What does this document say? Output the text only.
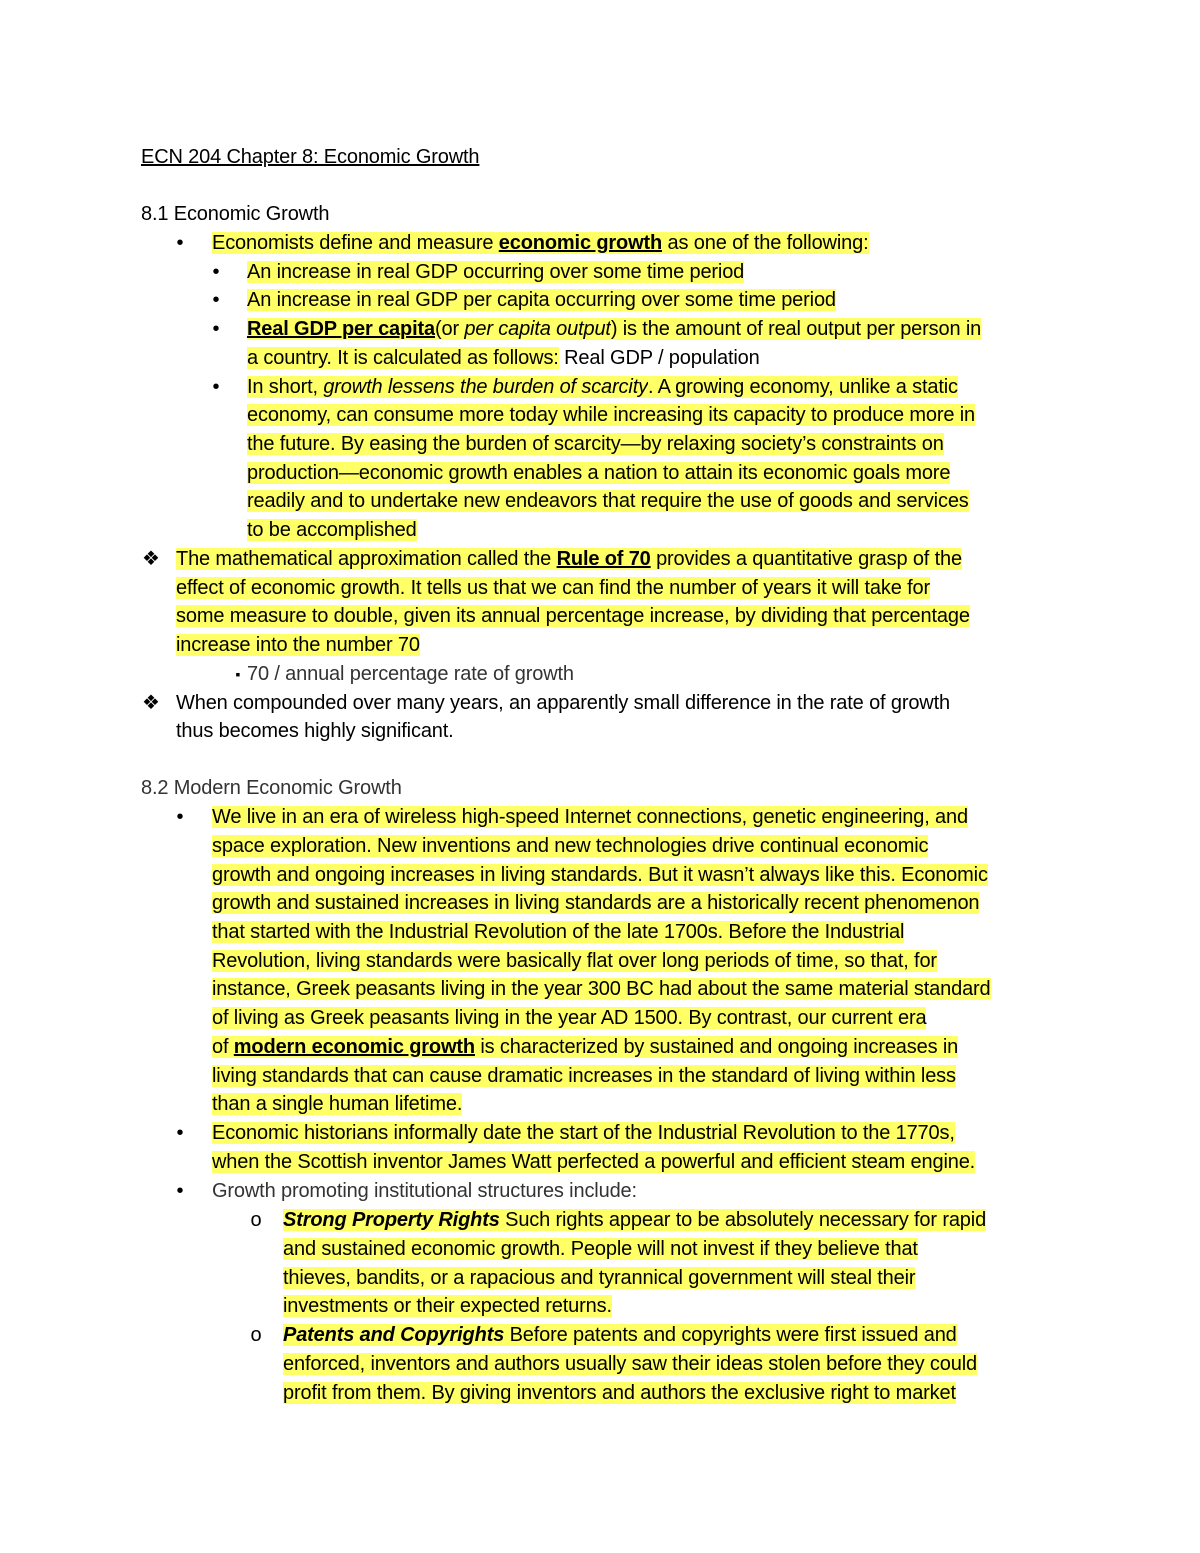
ECN 204 Chapter 8: Economic Growth
8.1 Economic Growth
•	Economists define and measure economic growth as one of the following:
•	An increase in real GDP occurring over some time period
•	An increase in real GDP per capita occurring over some time period
•	Real GDP per capita(or per capita output) is the amount of real output per person in
a country. It is calculated as follows: Real GDP / population
•	In short, growth lessens the burden of scarcity. A growing economy, unlike a static
economy, can consume more today while increasing its capacity to produce more in
the future. By easing the burden of scarcity—by relaxing society’s constraints on
production—economic growth enables a nation to attain its economic goals more
readily and to undertake new endeavors that require the use of goods and services
to be accomplished
❖ The mathematical approximation called the Rule of 70 provides a quantitative grasp of the
effect of economic growth. It tells us that we can find the number of years it will take for
some measure to double, given its annual percentage increase, by dividing that percentage
increase into the number 70
▪ 70 / annual percentage rate of growth
❖ When compounded over many years, an apparently small difference in the rate of growth
thus becomes highly significant.
8.2 Modern Economic Growth
•	We live in an era of wireless high-speed Internet connections, genetic engineering, and
space exploration. New inventions and new technologies drive continual economic
growth and ongoing increases in living standards. But it wasn’t always like this. Economic
growth and sustained increases in living standards are a historically recent phenomenon
that started with the Industrial Revolution of the late 1700s. Before the Industrial
Revolution, living standards were basically flat over long periods of time, so that, for
instance, Greek peasants living in the year 300 BC had about the same material standard
of living as Greek peasants living in the year AD 1500. By contrast, our current era
of modern economic growth is characterized by sustained and ongoing increases in
living standards that can cause dramatic increases in the standard of living within less
than a single human lifetime.
•	Economic historians informally date the start of the Industrial Revolution to the 1770s,
when the Scottish inventor James Watt perfected a powerful and efficient steam engine.
•	Growth promoting institutional structures include:
o	Strong Property Rights Such rights appear to be absolutely necessary for rapid
and sustained economic growth. People will not invest if they believe that
thieves, bandits, or a rapacious and tyrannical government will steal their
investments or their expected returns.
o	Patents and Copyrights Before patents and copyrights were first issued and
enforced, inventors and authors usually saw their ideas stolen before they could
profit from them. By giving inventors and authors the exclusive right to market
